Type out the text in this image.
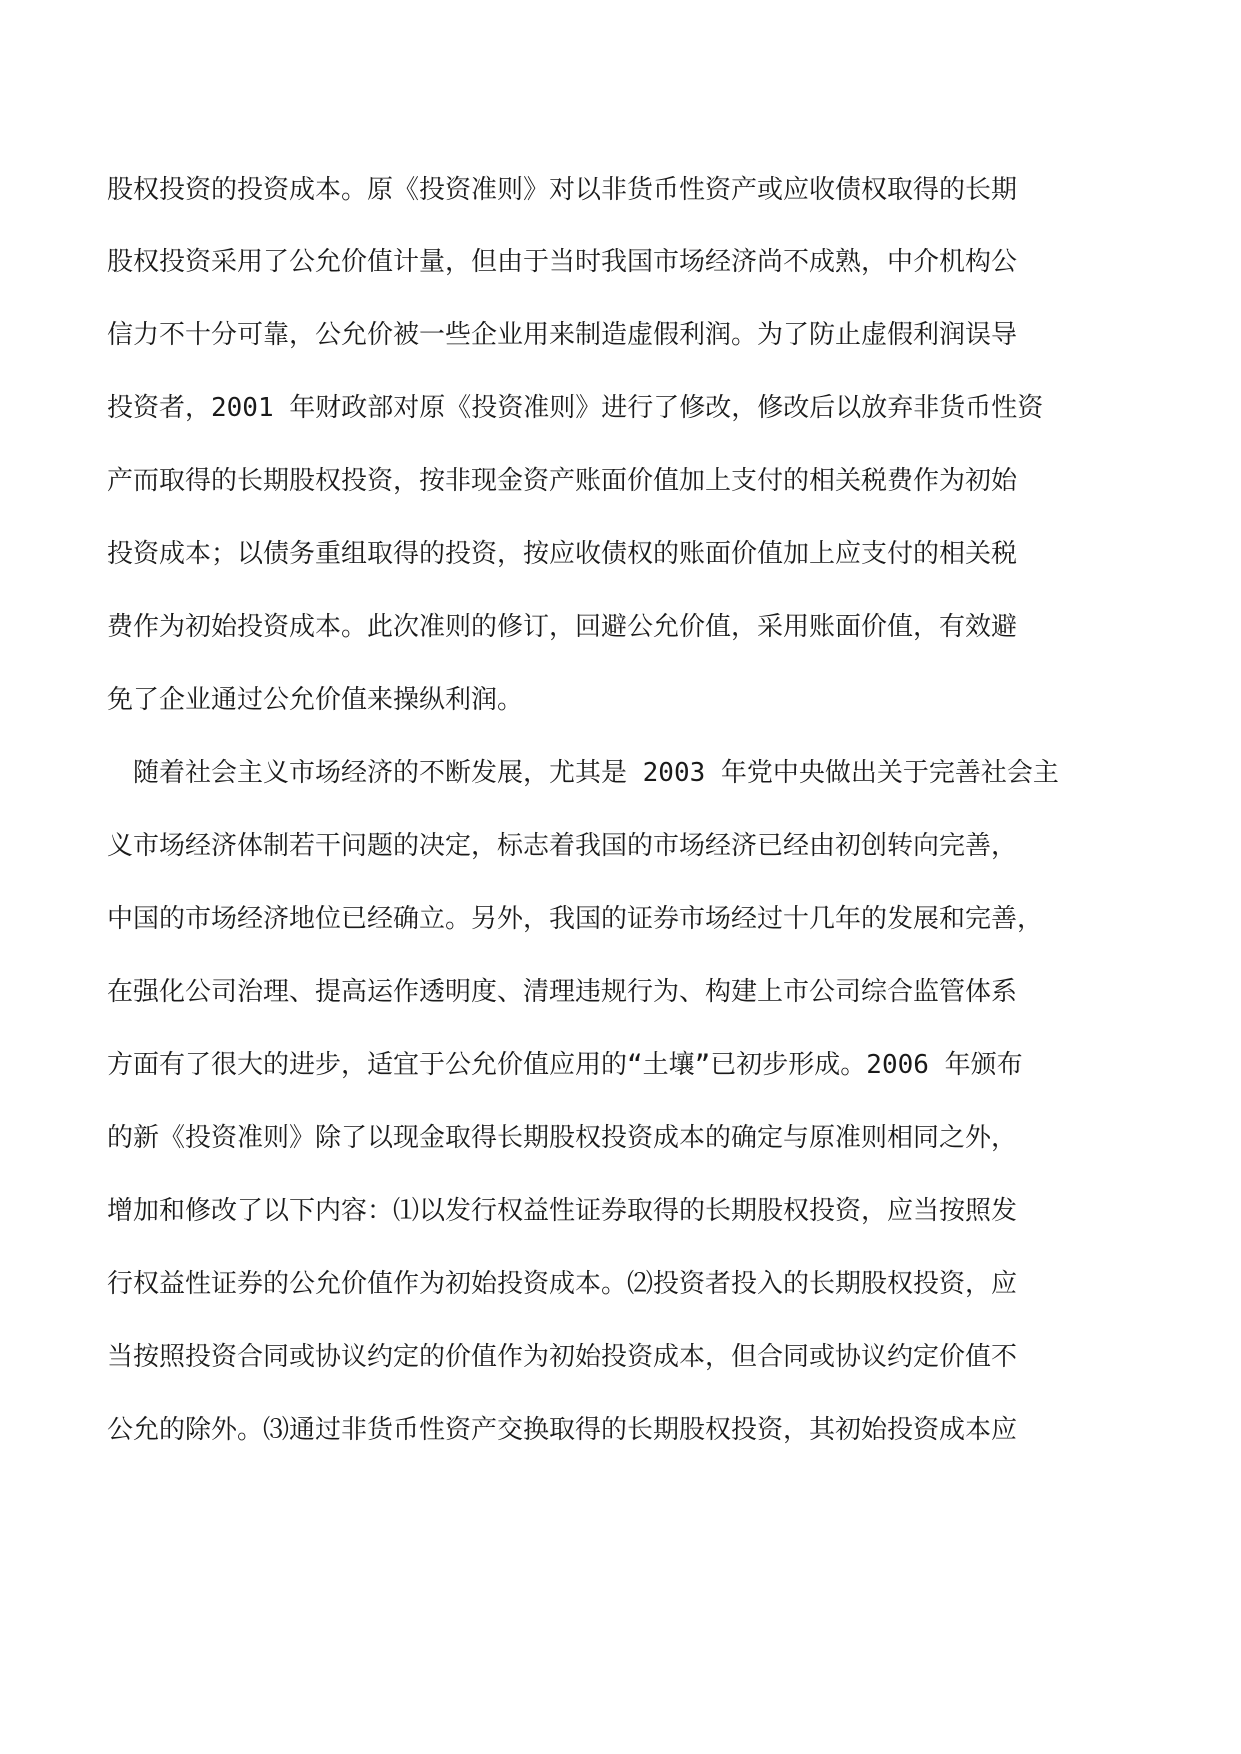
股权投资的投资成本。原《投资准则》对以非货币性资产或应收债权取得的长期
股权投资采用了公允价值计量，但由于当时我国市场经济尚不成熟，中介机构公
信力不十分可靠，公允价被一些企业用来制造虚假利润。为了防止虚假利润误导
投资者，2001 年财政部对原《投资准则》进行了修改，修改后以放弃非货币性资
产而取得的长期股权投资，按非现金资产账面价值加上支付的相关税费作为初始
投资成本；以债务重组取得的投资，按应收债权的账面价值加上应支付的相关税
费作为初始投资成本。此次准则的修订，回避公允价值，采用账面价值，有效避
免了企业通过公允价值来操纵利润。
　随着社会主义市场经济的不断发展，尤其是 2003 年党中央做出关于完善社会主
义市场经济体制若干问题的决定，标志着我国的市场经济已经由初创转向完善，
中国的市场经济地位已经确立。另外，我国的证券市场经过十几年的发展和完善，
在强化公司治理、提高运作透明度、清理违规行为、构建上市公司综合监管体系
方面有了很大的进步，适宜于公允价值应用的“土壤”已初步形成。2006 年颁布
的新《投资准则》除了以现金取得长期股权投资成本的确定与原准则相同之外，
增加和修改了以下内容：⑴以发行权益性证券取得的长期股权投资，应当按照发
行权益性证券的公允价值作为初始投资成本。⑵投资者投入的长期股权投资，应
当按照投资合同或协议约定的价值作为初始投资成本，但合同或协议约定价值不
公允的除外。⑶通过非货币性资产交换取得的长期股权投资，其初始投资成本应
